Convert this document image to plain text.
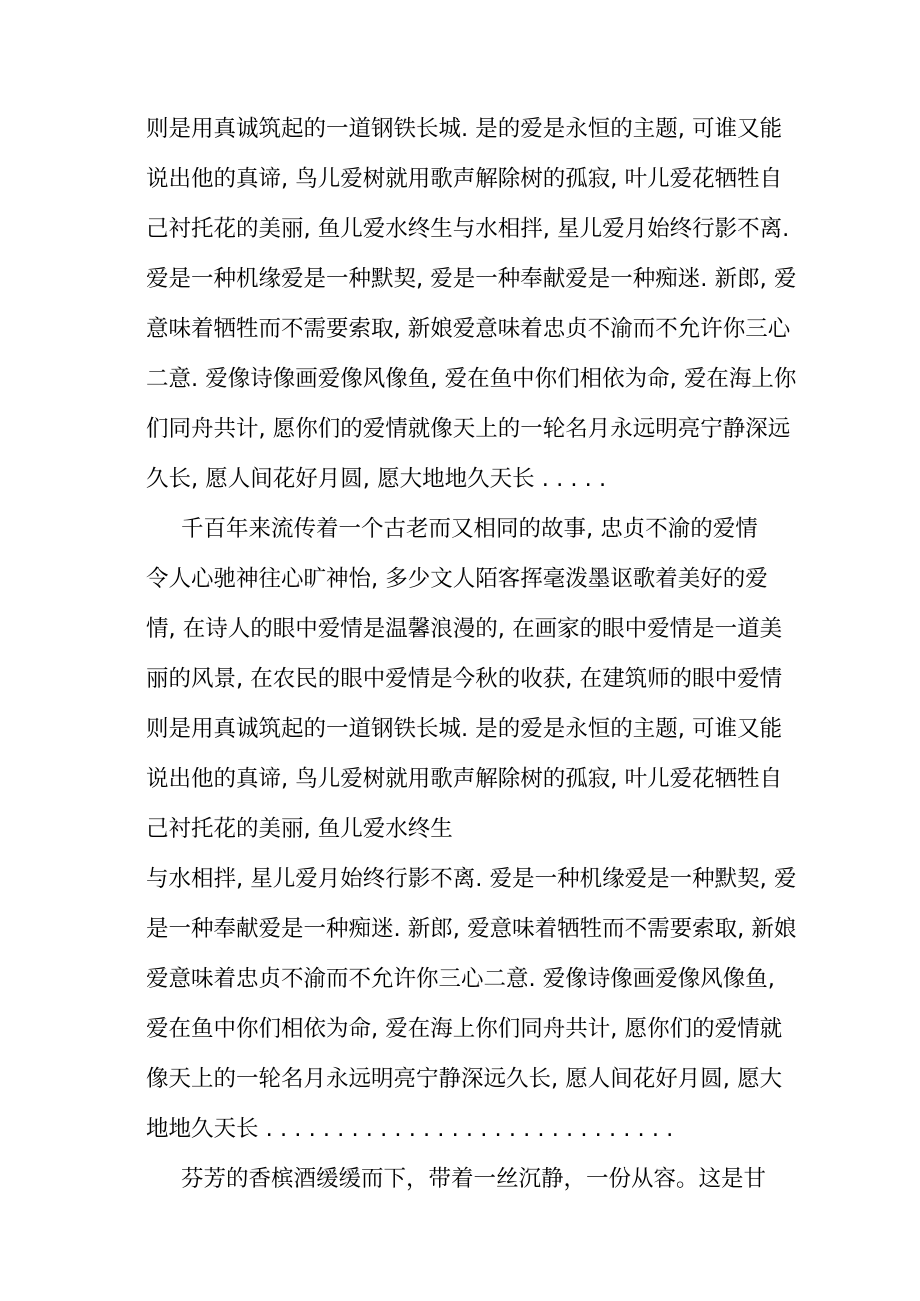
则是用真诚筑起的一道钢铁长城. 是的爱是永恒的主题, 可谁又能
说出他的真谛, 鸟儿爱树就用歌声解除树的孤寂, 叶儿爱花牺牲自
己衬托花的美丽, 鱼儿爱水终生与水相拌, 星儿爱月始终行影不离.
爱是一种机缘爱是一种默契, 爱是一种奉献爱是一种痴迷. 新郎, 爱
意味着牺牲而不需要索取, 新娘爱意味着忠贞不渝而不允许你三心
二意. 爱像诗像画爱像风像鱼, 爱在鱼中你们相依为命, 爱在海上你
们同舟共计, 愿你们的爱情就像天上的一轮名月永远明亮宁静深远
久长, 愿人间花好月圆, 愿大地地久天长 . . . . .
千百年来流传着一个古老而又相同的故事, 忠贞不渝的爱情
令人心驰神往心旷神怡, 多少文人陌客挥毫泼墨讴歌着美好的爱
情, 在诗人的眼中爱情是温馨浪漫的, 在画家的眼中爱情是一道美
丽的风景, 在农民的眼中爱情是今秋的收获, 在建筑师的眼中爱情
则是用真诚筑起的一道钢铁长城. 是的爱是永恒的主题, 可谁又能
说出他的真谛, 鸟儿爱树就用歌声解除树的孤寂, 叶儿爱花牺牲自
己衬托花的美丽, 鱼儿爱水终生
与水相拌, 星儿爱月始终行影不离. 爱是一种机缘爱是一种默契, 爱
是一种奉献爱是一种痴迷. 新郎, 爱意味着牺牲而不需要索取, 新娘
爱意味着忠贞不渝而不允许你三心二意. 爱像诗像画爱像风像鱼,
爱在鱼中你们相依为命, 爱在海上你们同舟共计, 愿你们的爱情就
像天上的一轮名月永远明亮宁静深远久长, 愿人间花好月圆, 愿大
地地久天长 . . . . . . . . . . . . . . . . . . . . . . . . . . . . .
芬芳的香槟酒缓缓而下，带着一丝沉静，一份从容。这是甘
